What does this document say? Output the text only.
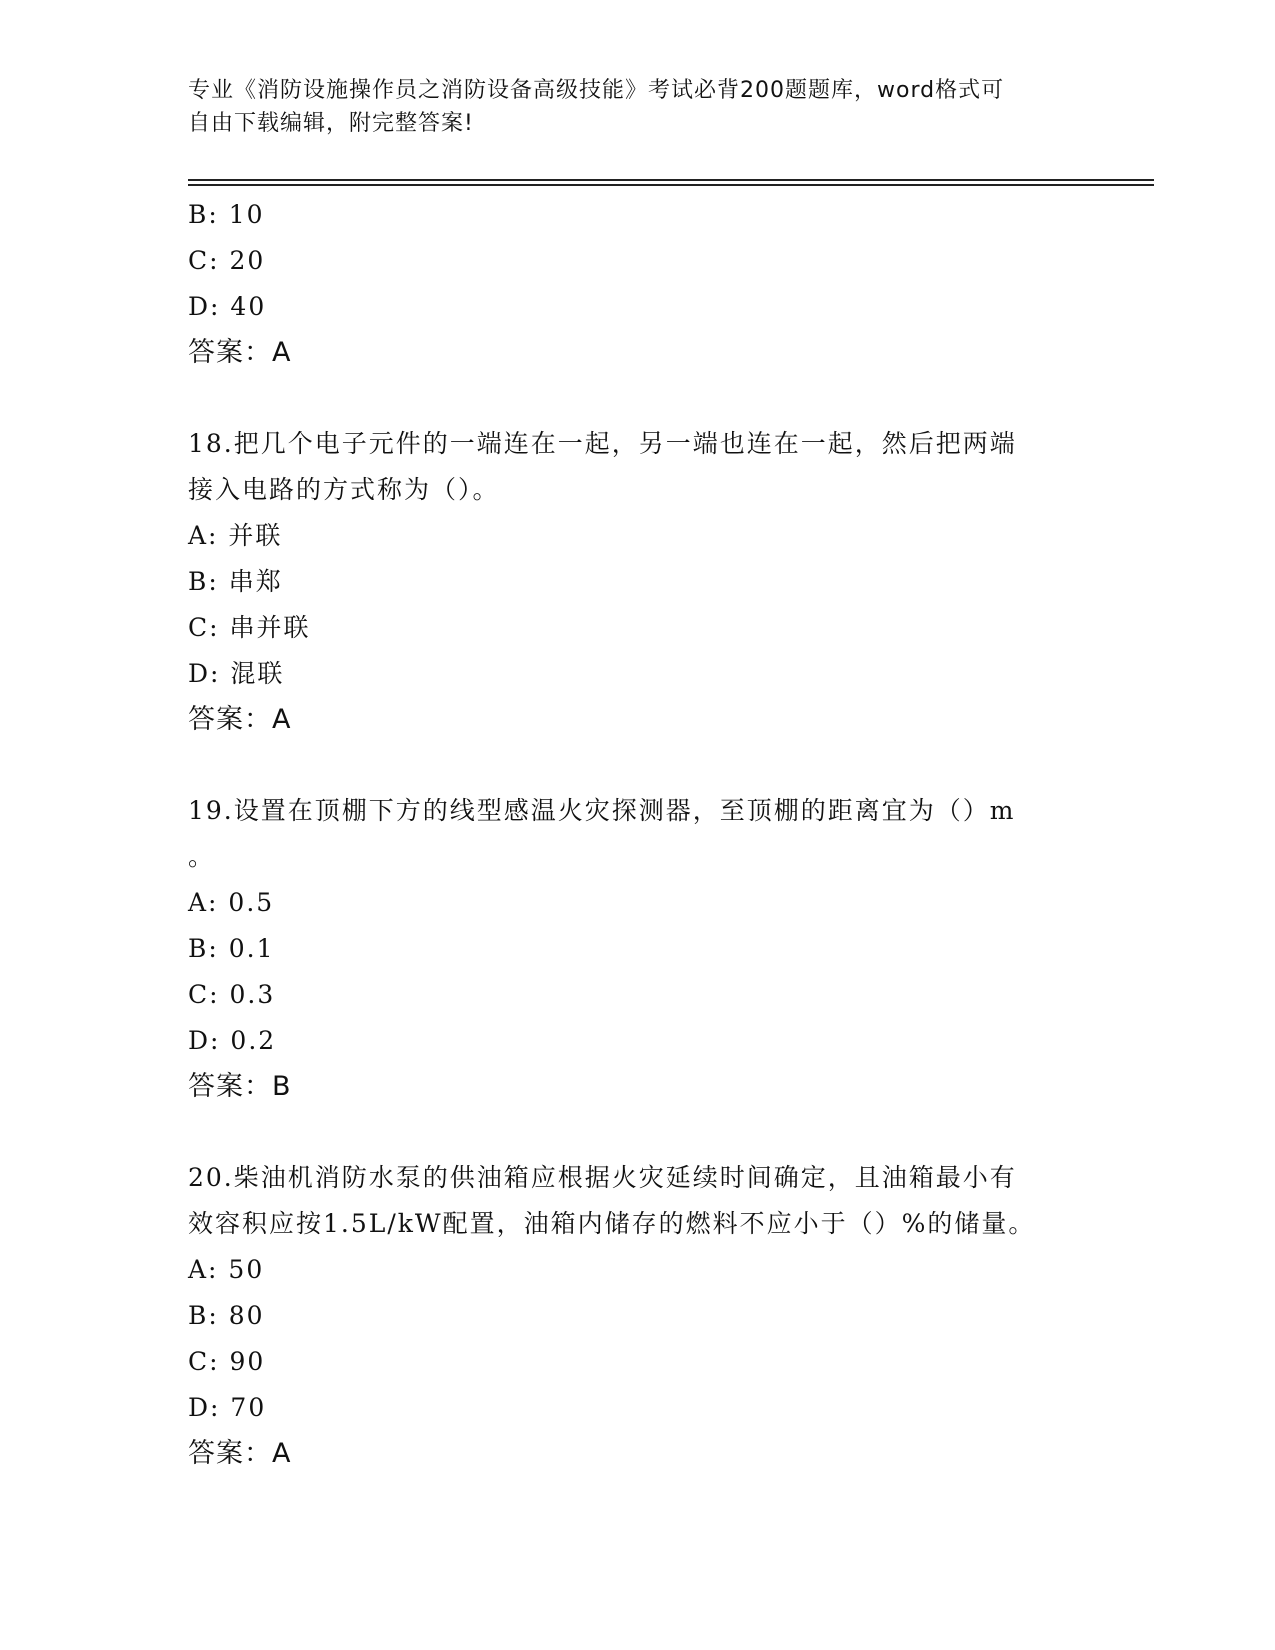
专业《消防设施操作员之消防设备高级技能》考试必背200题题库，word格式可
自由下载编辑，附完整答案!
B: 10
C: 20
D: 40
答案：A
18.把几个电子元件的一端连在一起，另一端也连在一起，然后把两端
接入电路的方式称为（）。
A: 并联
B: 串郑
C: 串并联
D: 混联
答案：A
19.设置在顶棚下方的线型感温火灾探测器，至顶棚的距离宜为（）m
。
A: 0.5
B: 0.1
C: 0.3
D: 0.2
答案：B
20.柴油机消防水泵的供油箱应根据火灾延续时间确定，且油箱最小有
效容积应按1.5L/kW配置，油箱内储存的燃料不应小于（）%的储量。
A: 50
B: 80
C: 90
D: 70
答案：A
